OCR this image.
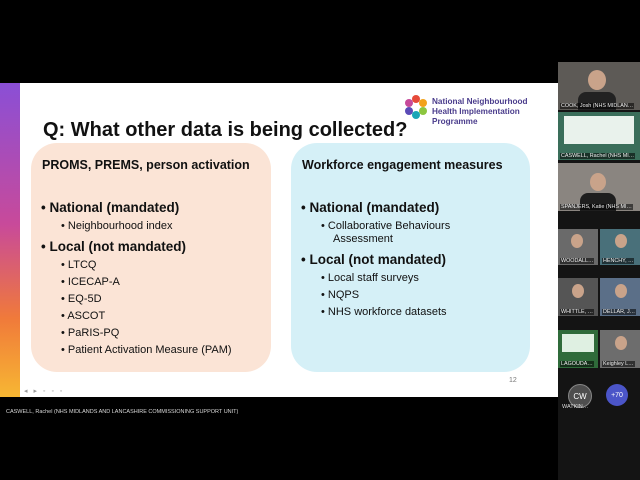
National Neighbourhood Health Implementation Programme
Q: What other data is being collected?
PROMS, PREMS, person activation
• National (mandated)
• Neighbourhood index
• Local (not mandated)
• LTCQ
• ICECAP-A
• EQ-5D
• ASCOT
• PaRIS-PQ
• Patient Activation Measure (PAM)
Workforce engagement measures
• National (mandated)
• Collaborative Behaviours
Assessment
• Local (not mandated)
• Local staff surveys
• NQPS
• NHS workforce datasets
12
◂ ▸ ◦ ◦ ◦
CASWELL, Rachel (NHS MIDLANDS AND LANCASHIRE COMMISSIONING SUPPORT UNIT)
COOK, Josh (NHS MIDLAN…
CASWELL, Rachel (NHS MI…
SPANJERS, Katie (NHS MI…
WOODALL… HENCHY, …
WHITTLE, … DELLAR, J…
LAGOUDA… Keighley L…
CW
WATKIN…
+70
